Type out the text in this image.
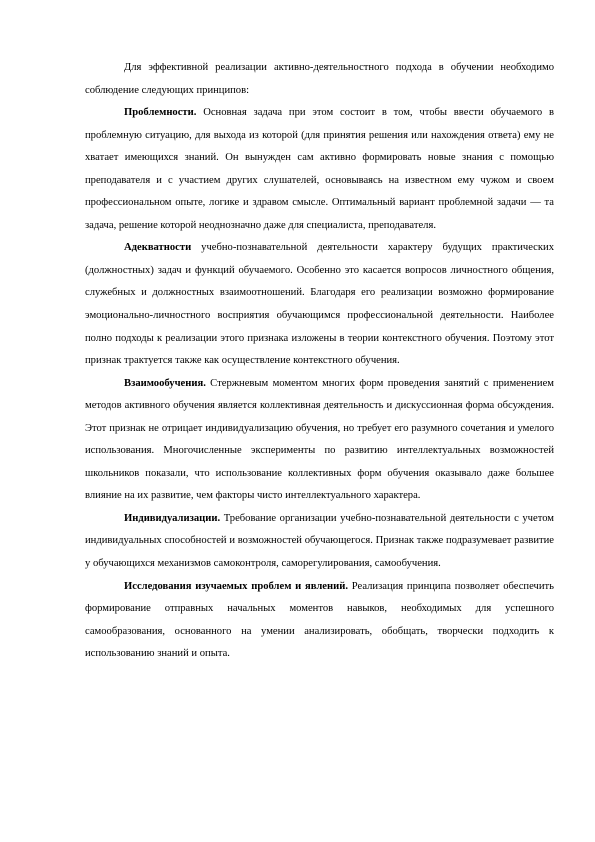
Для эффективной реализации активно-деятельностного подхода в обучении необходимо соблюдение следующих принципов:

Проблемности. Основная задача при этом состоит в том, чтобы ввести обучаемого в проблемную ситуацию, для выхода из которой (для принятия решения или нахождения ответа) ему не хватает имеющихся знаний. Он вынужден сам активно формировать новые знания с помощью преподавателя и с участием других слушателей, основываясь на известном ему чужом и своем профессиональном опыте, логике и здравом смысле. Оптимальный вариант проблемной задачи — та задача, решение которой неоднозначно даже для специалиста, преподавателя.

Адекватности учебно-познавательной деятельности характеру будущих практических (должностных) задач и функций обучаемого. Особенно это касается вопросов личностного общения, служебных и должностных взаимоотношений. Благодаря его реализации возможно формирование эмоционально-личностного восприятия обучающимся профессиональной деятельности. Наиболее полно подходы к реализации этого признака изложены в теории контекстного обучения. Поэтому этот признак трактуется также как осуществление контекстного обучения.

Взаимообучения. Стержневым моментом многих форм проведения занятий с применением методов активного обучения является коллективная деятельность и дискуссионная форма обсуждения. Этот признак не отрицает индивидуализацию обучения, но требует его разумного сочетания и умелого использования. Многочисленные эксперименты по развитию интеллектуальных возможностей школьников показали, что использование коллективных форм обучения оказывало даже большее влияние на их развитие, чем факторы чисто интеллектуального характера.

Индивидуализации. Требование организации учебно-познавательной деятельности с учетом индивидуальных способностей и возможностей обучающегося. Признак также подразумевает развитие у обучающихся механизмов самоконтроля, саморегулирования, самообучения.

Исследования изучаемых проблем и явлений. Реализация принципа позволяет обеспечить формирование отправных начальных моментов навыков, необходимых для успешного самообразования, основанного на умении анализировать, обобщать, творчески подходить к использованию знаний и опыта.
